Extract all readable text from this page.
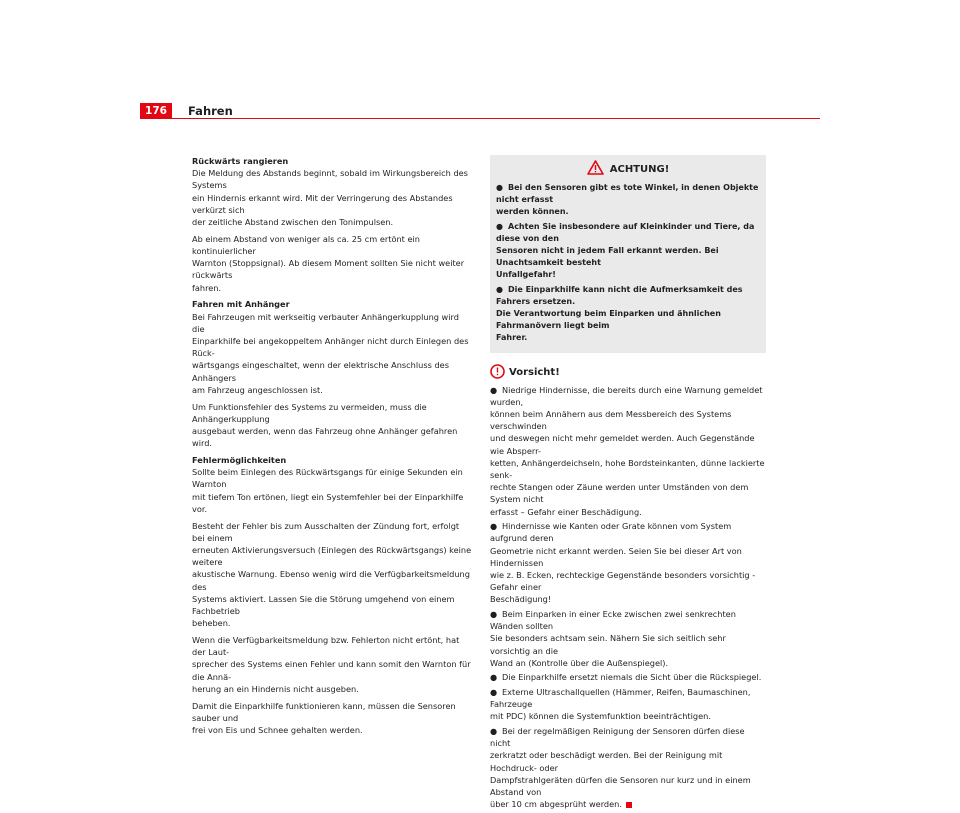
176	Fahren
Rückwärts rangieren

Die Meldung des Abstands beginnt, sobald im Wirkungsbereich des Systems
ein Hindernis erkannt wird. Mit der Verringerung des Abstandes verkürzt sich
der zeitliche Abstand zwischen den Tonimpulsen.

Ab einem Abstand von weniger als ca. 25 cm ertönt ein kontinuierlicher
Warnton (Stoppsignal). Ab diesem Moment sollten Sie nicht weiter rückwärts
fahren.

Fahren mit Anhänger

Bei Fahrzeugen mit werkseitig verbauter Anhängerkupplung wird die
Einparkhilfe bei angekoppeltem Anhänger nicht durch Einlegen des Rück-
wärtsgangs eingeschaltet, wenn der elektrische Anschluss des Anhängers
am Fahrzeug angeschlossen ist.

Um Funktionsfehler des Systems zu vermeiden, muss die Anhängerkupplung
ausgebaut werden, wenn das Fahrzeug ohne Anhänger gefahren wird.

Fehlermöglichkeiten

Sollte beim Einlegen des Rückwärtsgangs für einige Sekunden ein Warnton
mit tiefem Ton ertönen, liegt ein Systemfehler bei der Einparkhilfe vor.

Besteht der Fehler bis zum Ausschalten der Zündung fort, erfolgt bei einem
erneuten Aktivierungsversuch (Einlegen des Rückwärtsgangs) keine weitere
akustische Warnung. Ebenso wenig wird die Verfügbarkeitsmeldung des
Systems aktiviert. Lassen Sie die Störung umgehend von einem Fachbetrieb
beheben.

Wenn die Verfügbarkeitsmeldung bzw. Fehlerton nicht ertönt, hat der Laut-
sprecher des Systems einen Fehler und kann somit den Warnton für die Annä-
herung an ein Hindernis nicht ausgeben.

Damit die Einparkhilfe funktionieren kann, müssen die Sensoren sauber und
frei von Eis und Schnee gehalten werden.

ACHTUNG!
● Bei den Sensoren gibt es tote Winkel, in denen Objekte nicht erfasst
werden können.
● Achten Sie insbesondere auf Kleinkinder und Tiere, da diese von den
Sensoren nicht in jedem Fall erkannt werden. Bei Unachtsamkeit besteht
Unfallgefahr!
● Die Einparkhilfe kann nicht die Aufmerksamkeit des Fahrers ersetzen.
Die Verantwortung beim Einparken und ähnlichen Fahrmanövern liegt beim
Fahrer.
Vorsicht!
● Niedrige Hindernisse, die bereits durch eine Warnung gemeldet wurden,
können beim Annähern aus dem Messbereich des Systems verschwinden
und deswegen nicht mehr gemeldet werden. Auch Gegenstände wie Absperr-
ketten, Anhängerdeichseln, hohe Bordsteinkanten, dünne lackierte senk-
rechte Stangen oder Zäune werden unter Umständen von dem System nicht
erfasst – Gefahr einer Beschädigung.
● Hindernisse wie Kanten oder Grate können vom System aufgrund deren
Geometrie nicht erkannt werden. Seien Sie bei dieser Art von Hindernissen
wie z. B. Ecken, rechteckige Gegenstände besonders vorsichtig - Gefahr einer
Beschädigung!
● Beim Einparken in einer Ecke zwischen zwei senkrechten Wänden sollten
Sie besonders achtsam sein. Nähern Sie sich seitlich sehr vorsichtig an die
Wand an (Kontrolle über die Außenspiegel).
● Die Einparkhilfe ersetzt niemals die Sicht über die Rückspiegel.
● Externe Ultraschallquellen (Hämmer, Reifen, Baumaschinen, Fahrzeuge
mit PDC) können die Systemfunktion beeinträchtigen.
● Bei der regelmäßigen Reinigung der Sensoren dürfen diese nicht
zerkratzt oder beschädigt werden. Bei der Reinigung mit Hochdruck- oder
Dampfstrahlgeräten dürfen die Sensoren nur kurz und in einem Abstand von
über 10 cm abgesprüht werden.
